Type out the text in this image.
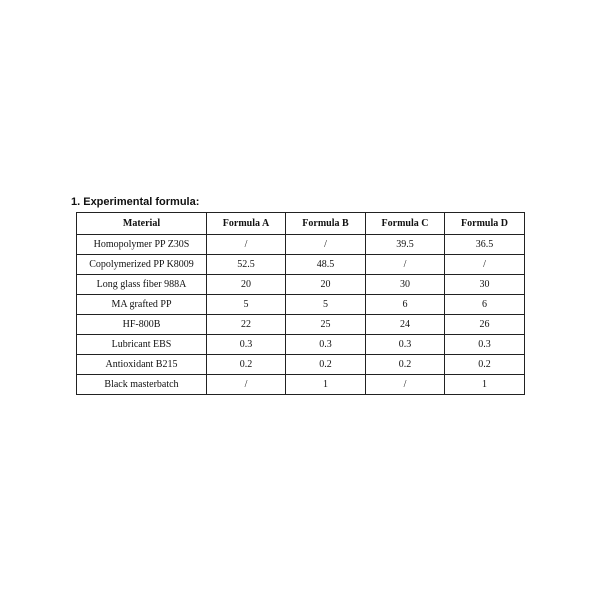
1. Experimental formula:
Material	Formula A	Formula B	Formula C	Formula D
Homopolymer PP Z30S	/	/	39.5	36.5
Copolymerized PP K8009	52.5	48.5	/	/
Long glass fiber 988A	20	20	30	30
MA grafted PP	5	5	6	6
HF-800B	22	25	24	26
Lubricant EBS	0.3	0.3	0.3	0.3
Antioxidant B215	0.2	0.2	0.2	0.2
Black masterbatch	/	1	/	1
